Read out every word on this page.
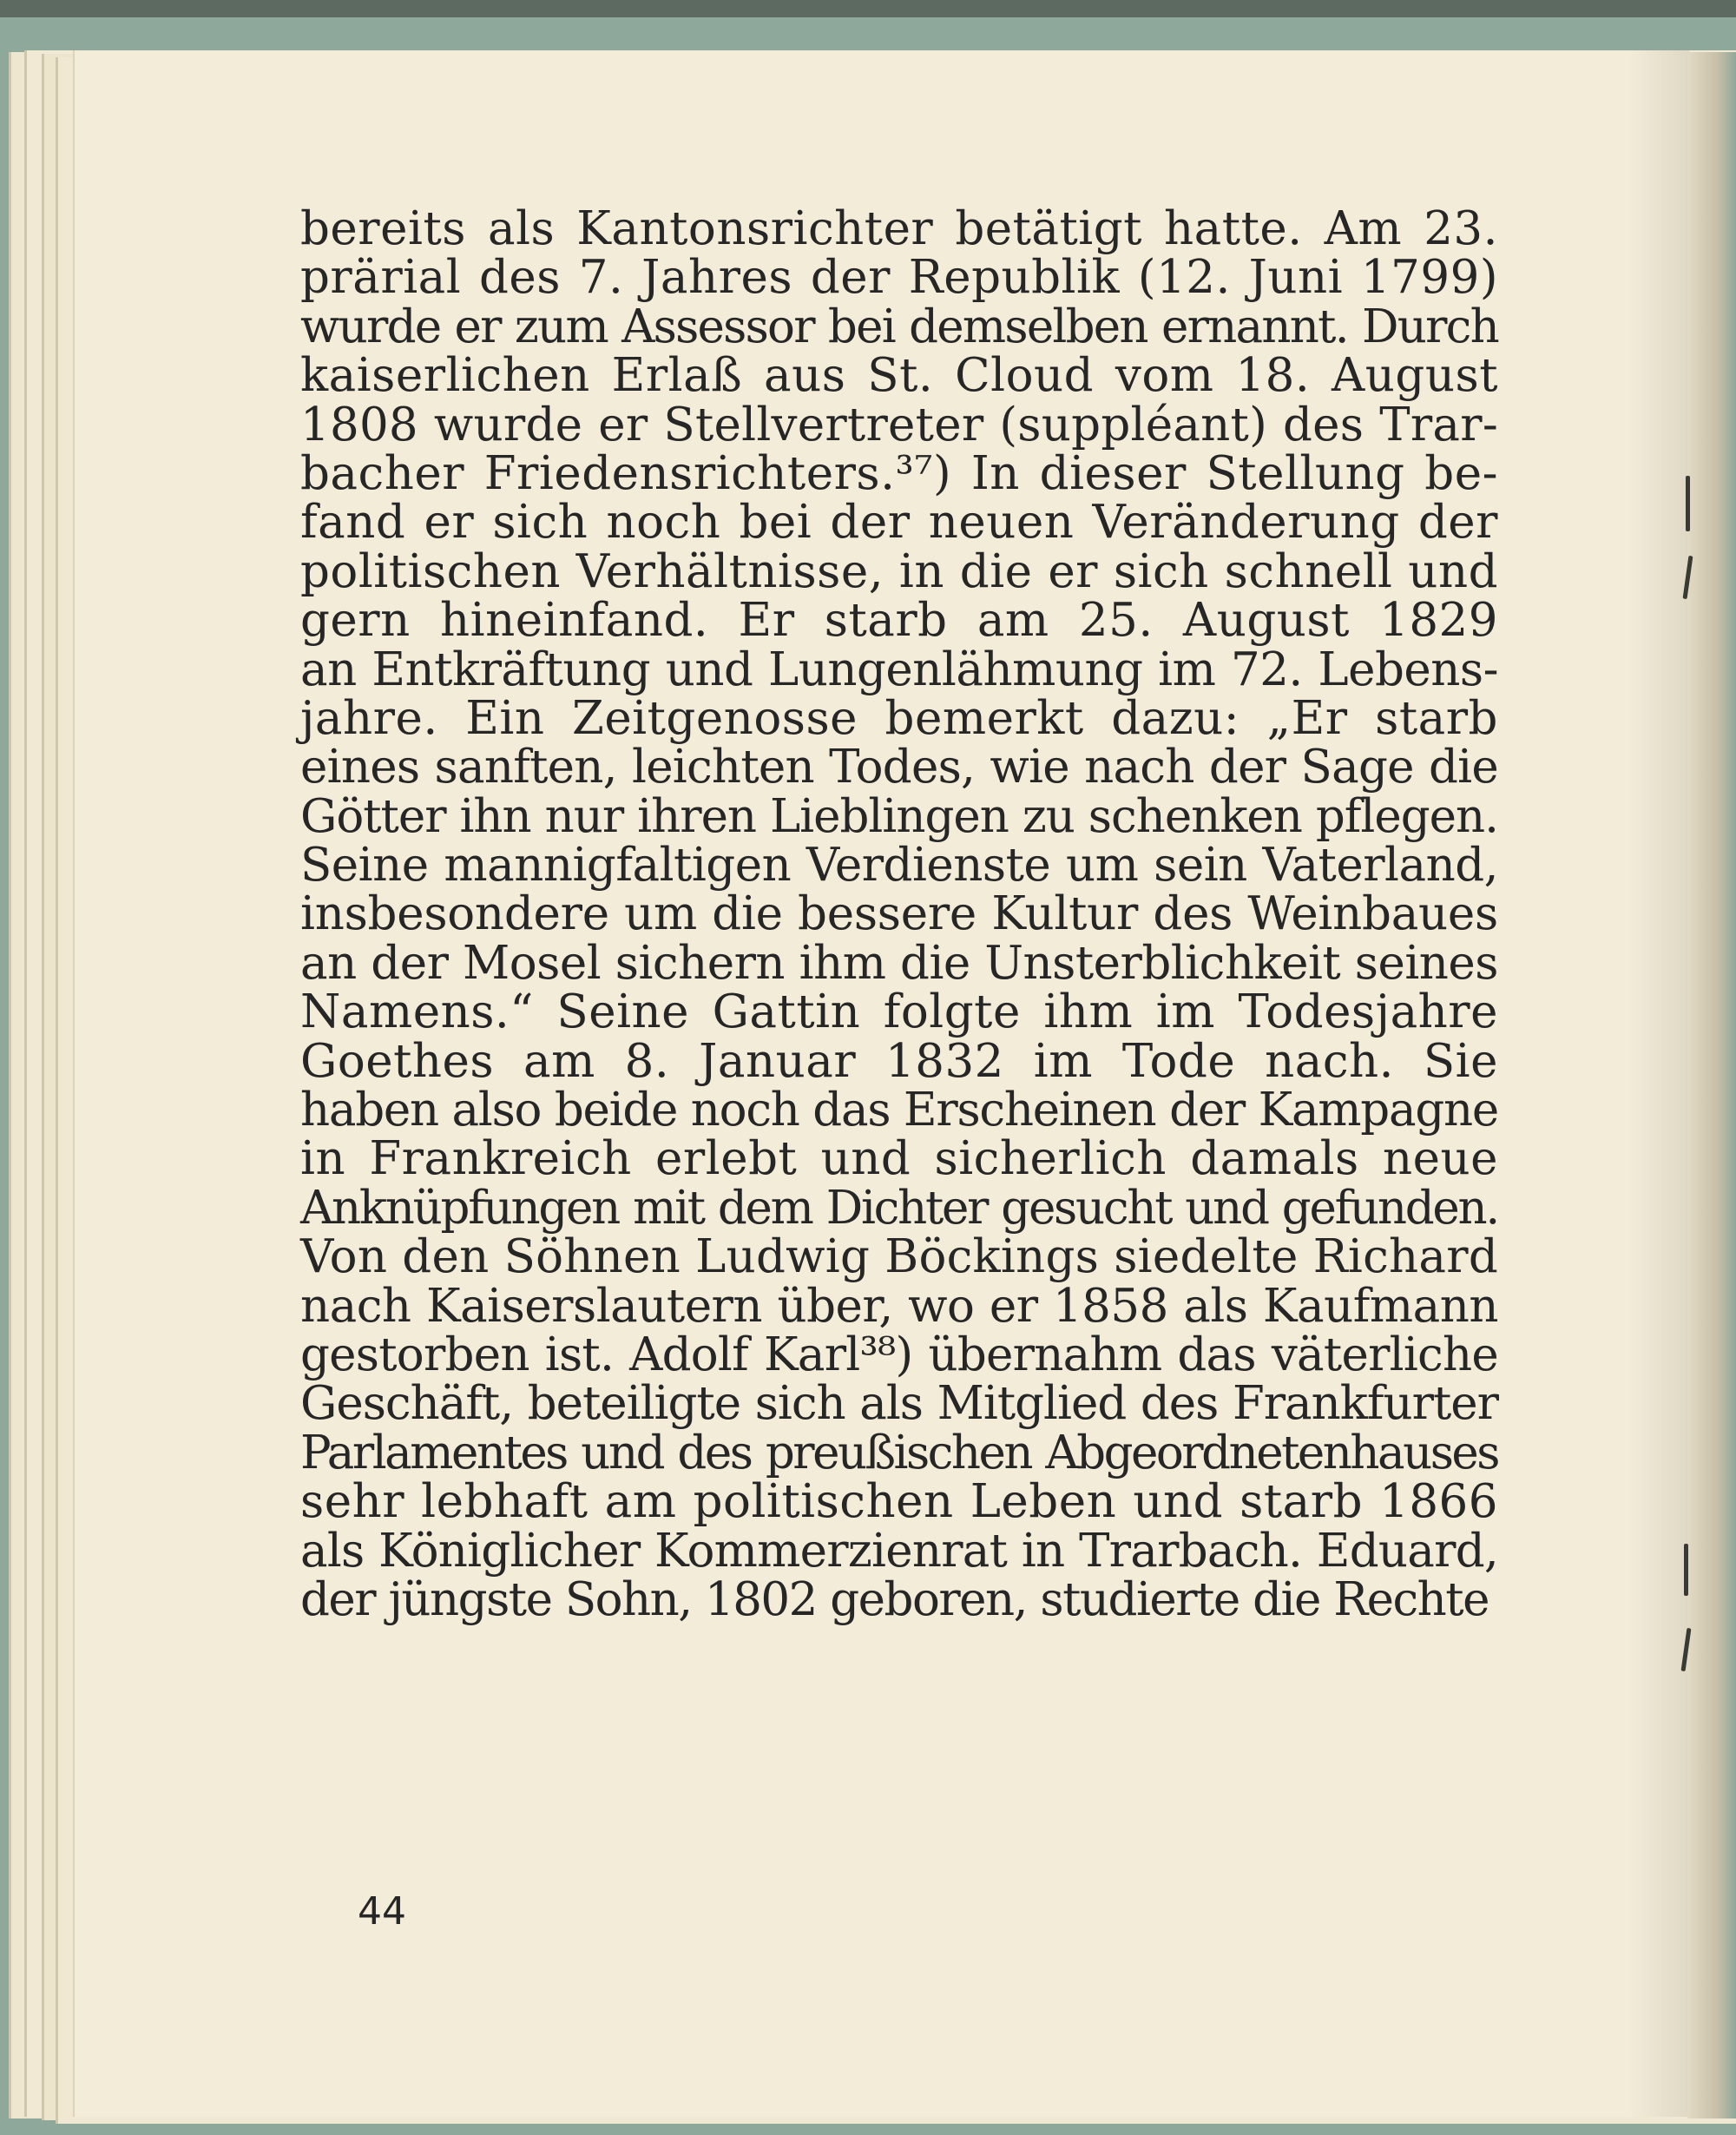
bereits als Kantonsrichter betätigt hatte. Am 23.
prärial des 7. Jahres der Republik (12. Juni 1799)
wurde er zum Assessor bei demselben ernannt. Durch
kaiserlichen Erlaß aus St. Cloud vom 18. August
1808 wurde er Stellvertreter (suppléant) des Trar-
bacher Friedensrichters.³⁷) In dieser Stellung be-
fand er sich noch bei der neuen Veränderung der
politischen Verhältnisse, in die er sich schnell und
gern hineinfand. Er starb am 25. August 1829
an Entkräftung und Lungenlähmung im 72. Lebens-
jahre. Ein Zeitgenosse bemerkt dazu: „Er starb
eines sanften, leichten Todes, wie nach der Sage die
Götter ihn nur ihren Lieblingen zu schenken pflegen.
Seine mannigfaltigen Verdienste um sein Vaterland,
insbesondere um die bessere Kultur des Weinbaues
an der Mosel sichern ihm die Unsterblichkeit seines
Namens.“ Seine Gattin folgte ihm im Todesjahre
Goethes am 8. Januar 1832 im Tode nach. Sie
haben also beide noch das Erscheinen der Kampagne
in Frankreich erlebt und sicherlich damals neue
Anknüpfungen mit dem Dichter gesucht und gefunden.
Von den Söhnen Ludwig Böckings siedelte Richard
nach Kaiserslautern über, wo er 1858 als Kaufmann
gestorben ist. Adolf Karl³⁸) übernahm das väterliche
Geschäft, beteiligte sich als Mitglied des Frankfurter
Parlamentes und des preußischen Abgeordnetenhauses
sehr lebhaft am politischen Leben und starb 1866
als Königlicher Kommerzienrat in Trarbach. Eduard,
der jüngste Sohn, 1802 geboren, studierte die Rechte
44
